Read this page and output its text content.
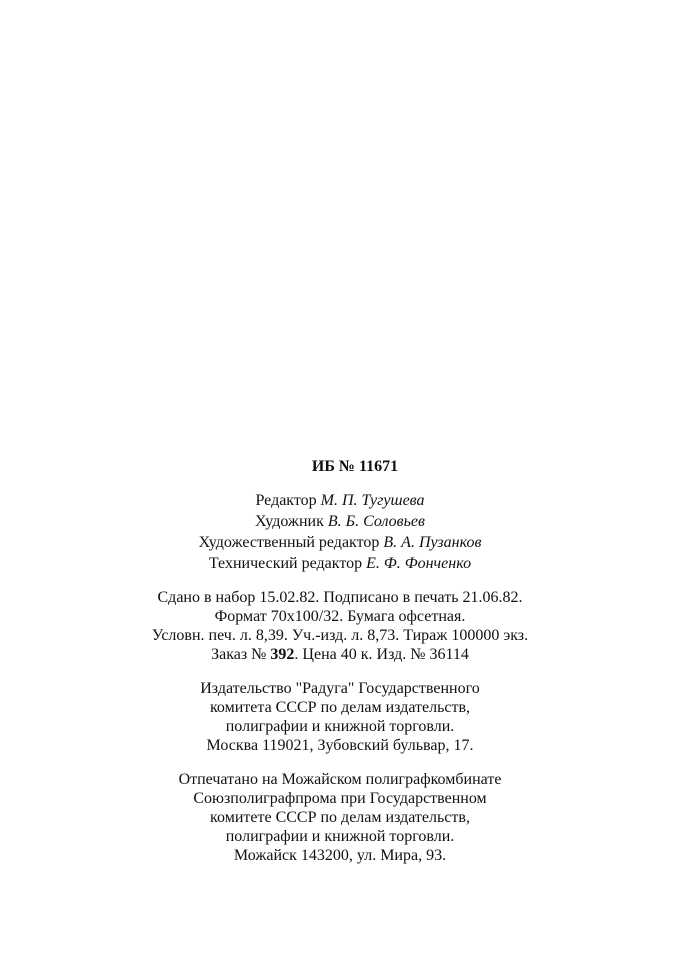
ИБ № 11671
Редактор М. П. Тугушева
Художник В. Б. Соловьев
Художественный редактор В. А. Пузанков
Технический редактор Е. Ф. Фонченко
Сдано в набор 15.02.82. Подписано в печать 21.06.82.
Формат 70x100/32. Бумага офсетная.
Условн. печ. л. 8,39. Уч.-изд. л. 8,73. Тираж 100000 экз.
Заказ № 392. Цена 40 к. Изд. № 36114
Издательство "Радуга" Государственного
комитета СССР по делам издательств,
полиграфии и книжной торговли.
Москва 119021, Зубовский бульвар, 17.
Отпечатано на Можайском полиграфкомбинате
Союзполиграфпрома при Государственном
комитете СССР по делам издательств,
полиграфии и книжной торговли.
Можайск 143200, ул. Мира, 93.
